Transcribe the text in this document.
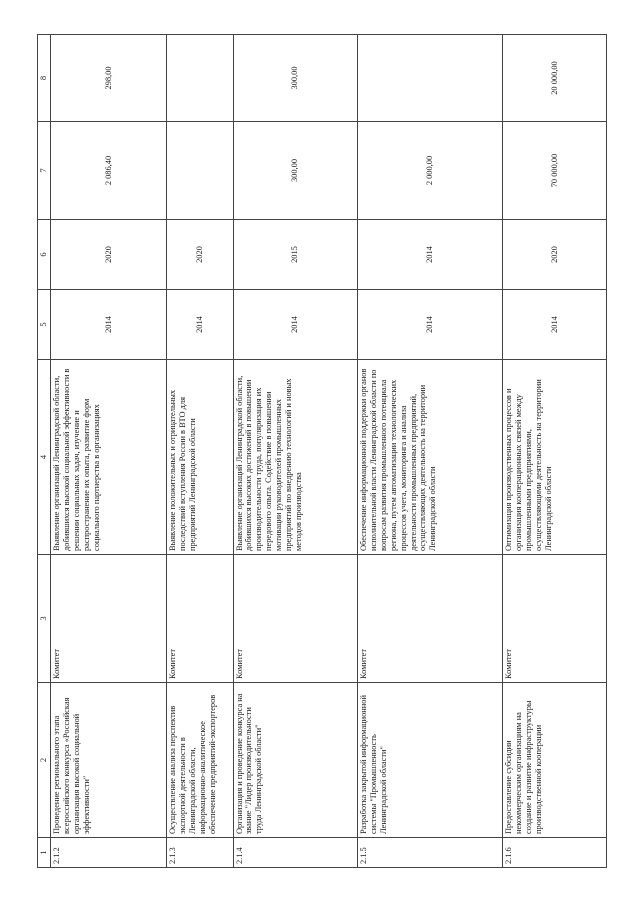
1	2	3	4	5	6	7	8
2.1.2	Проведение регионального этапа всероссийского конкурса «Российская организация высокой социальной эффективности"	Комитет	Выявление организаций Ленинградской области, добившихся высокой социальной эффективности в решении социальных задач, изучение и распространение их опыта, развитие форм социального партнерства в организациях	2014	2020	2 086,40	298,00
2.1.3	Осуществление анализа перспектив экспортной деятельности в Ленинградской области, информационно-аналитическое обеспечение предприятий-экспортеров	Комитет	Выявление положительных и отрицательных последствий вступления России в ВТО для предприятий Ленинградской области	2014	2020		
2.1.4	Организация и проведение конкурса на звание "Лидер производительности труда Ленинградской области"	Комитет	Выявление организаций Ленинградской области, добившихся высоких достижений в повышении производительности труда, популяризация их передового опыта. Содействие в повышении мотивации руководителей промышленных предприятий по внедрению технологий и новых методов производства	2014	2015	300,00	300,00
2.1.5	Разработка закрытой информационной системы "Промышленность Ленинградской области"	Комитет	Обеспечение информационной поддержки органов исполнительной власти Ленинградской области по вопросам развития промышленного потенциала региона, путем автоматизации технологических процессов учета, мониторинга и анализа деятельности промышленных предприятий, осуществляющих деятельность на территории Ленинградской области	2014	2014	2 000,00	
2.1.6	Предоставление субсидии некоммерческим организациям на создание и развитие инфраструктуры производственной кооперации	Комитет	Оптимизация производственных процессов и организация кооперационных связей между промышленными предприятиями, осуществляющими деятельность на территории Ленинградской области	2014	2020	70 000,00	20 000,00
